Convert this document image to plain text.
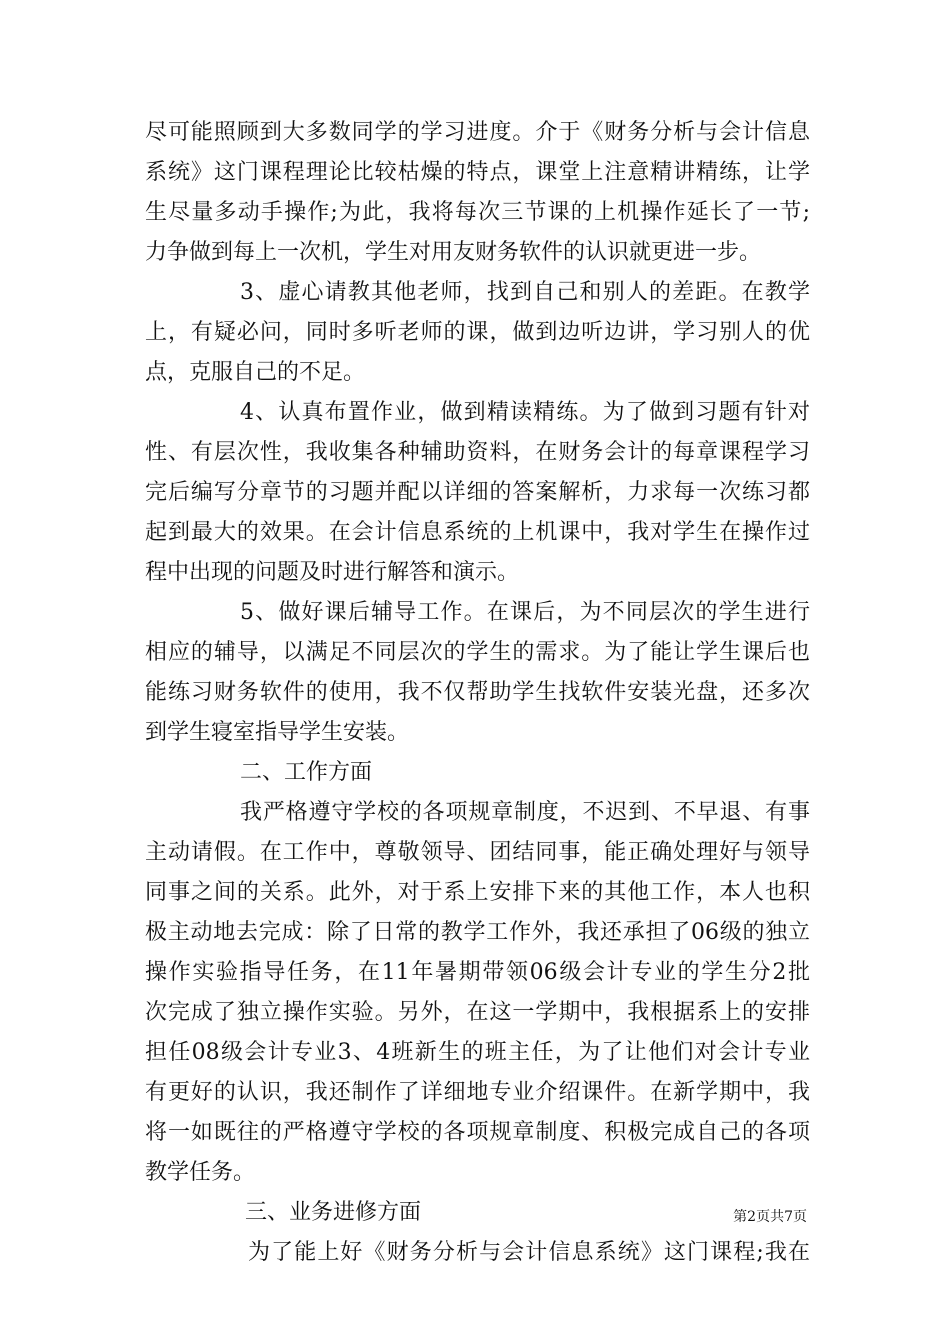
尽可能照顾到大多数同学的学习进度。介于《财务分析与会计信息
系统》这门课程理论比较枯燥的特点，课堂上注意精讲精练，让学
生尽量多动手操作;为此，我将每次三节课的上机操作延长了一节;
力争做到每上一次机，学生对用友财务软件的认识就更进一步。
3、虚心请教其他老师，找到自己和别人的差距。在教学
上，有疑必问，同时多听老师的课，做到边听边讲，学习别人的优
点，克服自己的不足。
4、认真布置作业，做到精读精练。为了做到习题有针对
性、有层次性，我收集各种辅助资料，在财务会计的每章课程学习
完后编写分章节的习题并配以详细的答案解析，力求每一次练习都
起到最大的效果。在会计信息系统的上机课中，我对学生在操作过
程中出现的问题及时进行解答和演示。
5、做好课后辅导工作。在课后，为不同层次的学生进行
相应的辅导，以满足不同层次的学生的需求。为了能让学生课后也
能练习财务软件的使用，我不仅帮助学生找软件安装光盘，还多次
到学生寝室指导学生安装。
二、工作方面
我严格遵守学校的各项规章制度，不迟到、不早退、有事
主动请假。在工作中，尊敬领导、团结同事，能正确处理好与领导
同事之间的关系。此外，对于系上安排下来的其他工作，本人也积
极主动地去完成：除了日常的教学工作外，我还承担了06级的独立
操作实验指导任务，在11年暑期带领06级会计专业的学生分2批
次完成了独立操作实验。另外，在这一学期中，我根据系上的安排
担任08级会计专业3、4班新生的班主任，为了让他们对会计专业
有更好的认识，我还制作了详细地专业介绍课件。在新学期中，我
将一如既往的严格遵守学校的各项规章制度、积极完成自己的各项
教学任务。
三、业务进修方面
为了能上好《财务分析与会计信息系统》这门课程;我在
第2页共7页
